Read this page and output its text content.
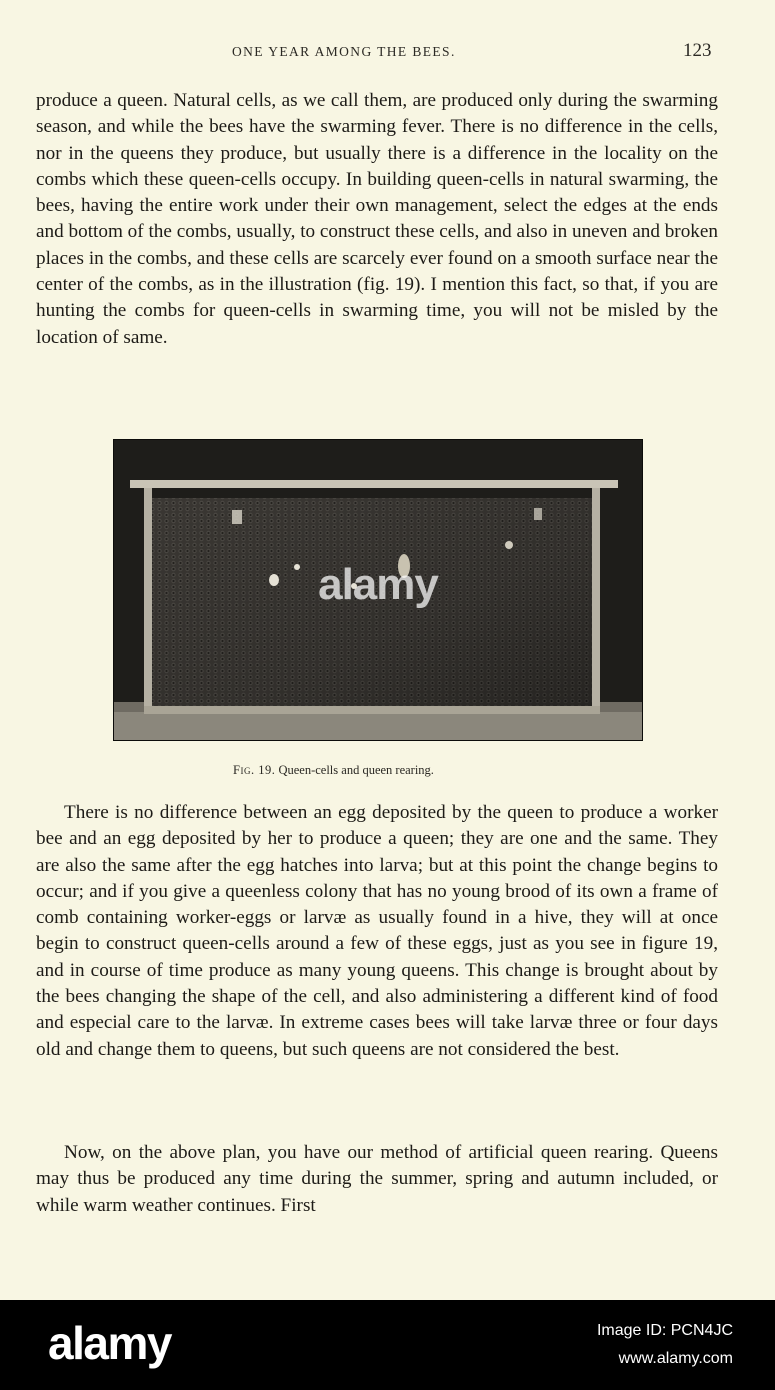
ONE YEAR AMONG THE BEES.	123

produce a queen. Natural cells, as we call them, are produced only during the swarming season, and while the bees have the swarming fever. There is no difference in the cells, nor in the queens they produce, but usually there is a difference in the locality on the combs which these queen-cells occupy. In building queen-cells in natural swarming, the bees, having the entire work under their own management, select the edges at the ends and bottom of the combs, usually, to construct these cells, and also in uneven and broken places in the combs, and these cells are scarcely ever found on a smooth surface near the center of the combs, as in the illustration (fig. 19). I mention this fact, so that, if you are hunting the combs for queen-cells in swarming time, you will not be misled by the location of same.

alamy
Fig. 19. Queen-cells and queen rearing.

There is no difference between an egg deposited by the queen to produce a worker bee and an egg deposited by her to produce a queen; they are one and the same. They are also the same after the egg hatches into larva; but at this point the change begins to occur; and if you give a queenless colony that has no young brood of its own a frame of comb containing worker-eggs or larvæ as usually found in a hive, they will at once begin to construct queen-cells around a few of these eggs, just as you see in figure 19, and in course of time produce as many young queens. This change is brought about by the bees changing the shape of the cell, and also administering a different kind of food and especial care to the larvæ. In extreme cases bees will take larvæ three or four days old and change them to queens, but such queens are not considered the best.

Now, on the above plan, you have our method of artificial queen rearing. Queens may thus be produced any time during the summer, spring and autumn included, or while warm weather continues. First

alamy	Image ID: PCN4JC
www.alamy.com
